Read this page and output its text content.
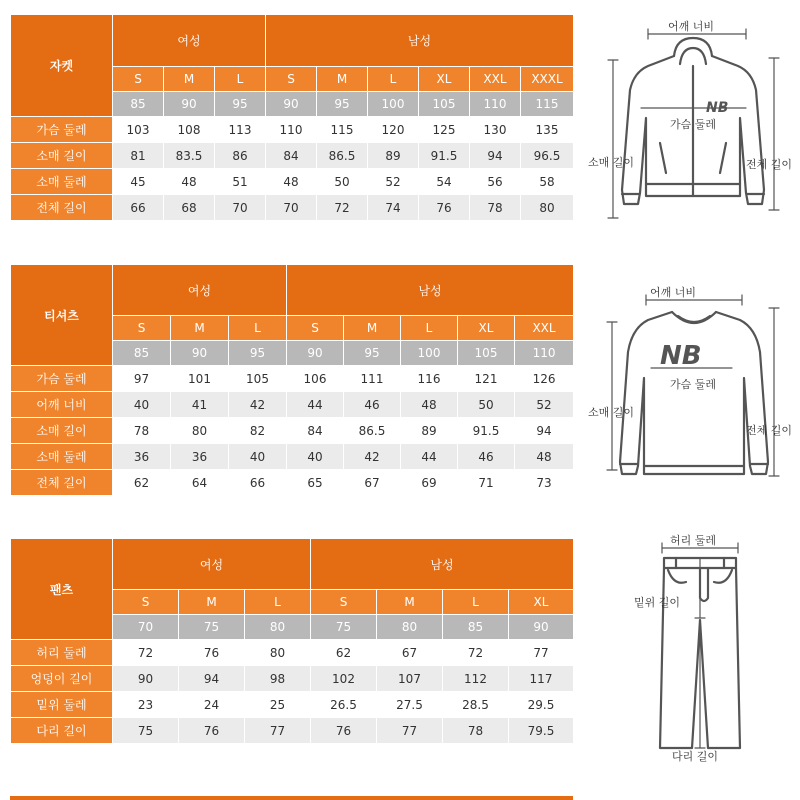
자켓	여성			남성					
	S	M	L	S	M	L	XL	XXL	XXXL
	85	90	95	90	95	100	105	110	115
가슴 둘레	103	108	113	110	115	120	125	130	135
소매 길이	81	83.5	86	84	86.5	89	91.5	94	96.5
소매 둘레	45	48	51	48	50	52	54	56	58
전체 길이	66	68	70	70	72	74	76	78	80
티셔츠	여성			남성				
	S	M	L	S	M	L	XL	XXL
	85	90	95	90	95	100	105	110
가슴 둘레	97	101	105	106	111	116	121	126
어깨 너비	40	41	42	44	46	48	50	52
소매 길이	78	80	82	84	86.5	89	91.5	94
소매 둘레	36	36	40	40	42	44	46	48
전체 길이	62	64	66	65	67	69	71	73
팬츠	여성			남성			
	S	M	L	S	M	L	XL
	70	75	80	75	80	85	90
허리 둘레	72	76	80	62	67	72	77
엉덩이 길이	90	94	98	102	107	112	117
밑위 둘레	23	24	25	26.5	27.5	28.5	29.5
다리 길이	75	76	77	76	77	78	79.5
NB
어깨 너비
가슴 둘레
소매 길이	전체 길이
NB
어깨 너비
가슴 둘레
소매 길이
전체 길이
허리 둘레
밑위 길이
다리 길이
